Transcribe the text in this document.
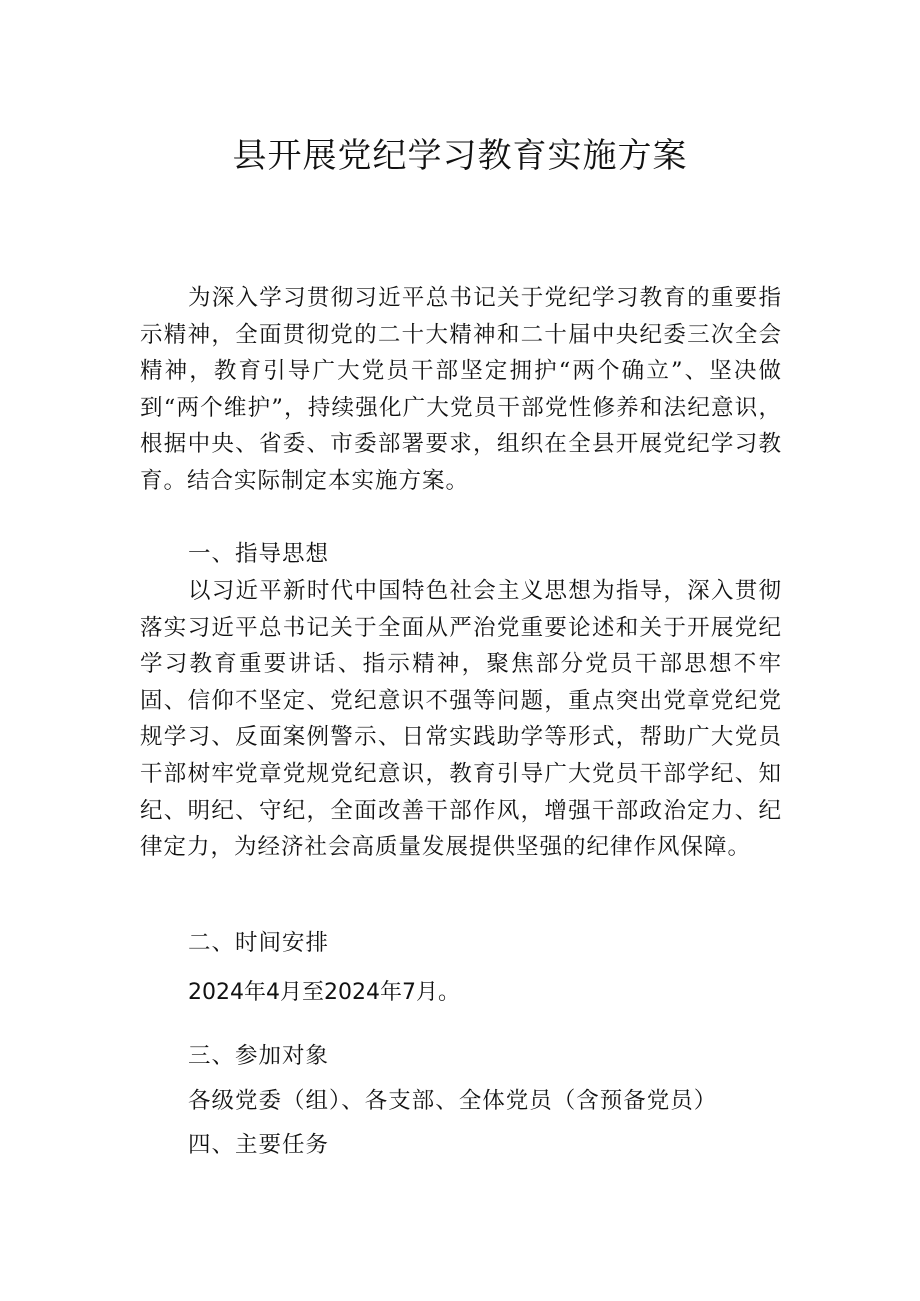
县开展党纪学习教育实施方案

为深入学习贯彻习近平总书记关于党纪学习教育的重要指示精神，全面贯彻党的二十大精神和二十届中央纪委三次全会精神，教育引导广大党员干部坚定拥护“两个确立”、坚决做到“两个维护”，持续强化广大党员干部党性修养和法纪意识，根据中央、省委、市委部署要求，组织在全县开展党纪学习教育。结合实际制定本实施方案。

一、指导思想

以习近平新时代中国特色社会主义思想为指导，深入贯彻落实习近平总书记关于全面从严治党重要论述和关于开展党纪学习教育重要讲话、指示精神，聚焦部分党员干部思想不牢固、信仰不坚定、党纪意识不强等问题，重点突出党章党纪党规学习、反面案例警示、日常实践助学等形式，帮助广大党员干部树牢党章党规党纪意识，教育引导广大党员干部学纪、知纪、明纪、守纪，全面改善干部作风，增强干部政治定力、纪律定力，为经济社会高质量发展提供坚强的纪律作风保障。

二、时间安排

2024年4月至2024年7月。

三、参加对象

各级党委（组）、各支部、全体党员（含预备党员）

四、主要任务
